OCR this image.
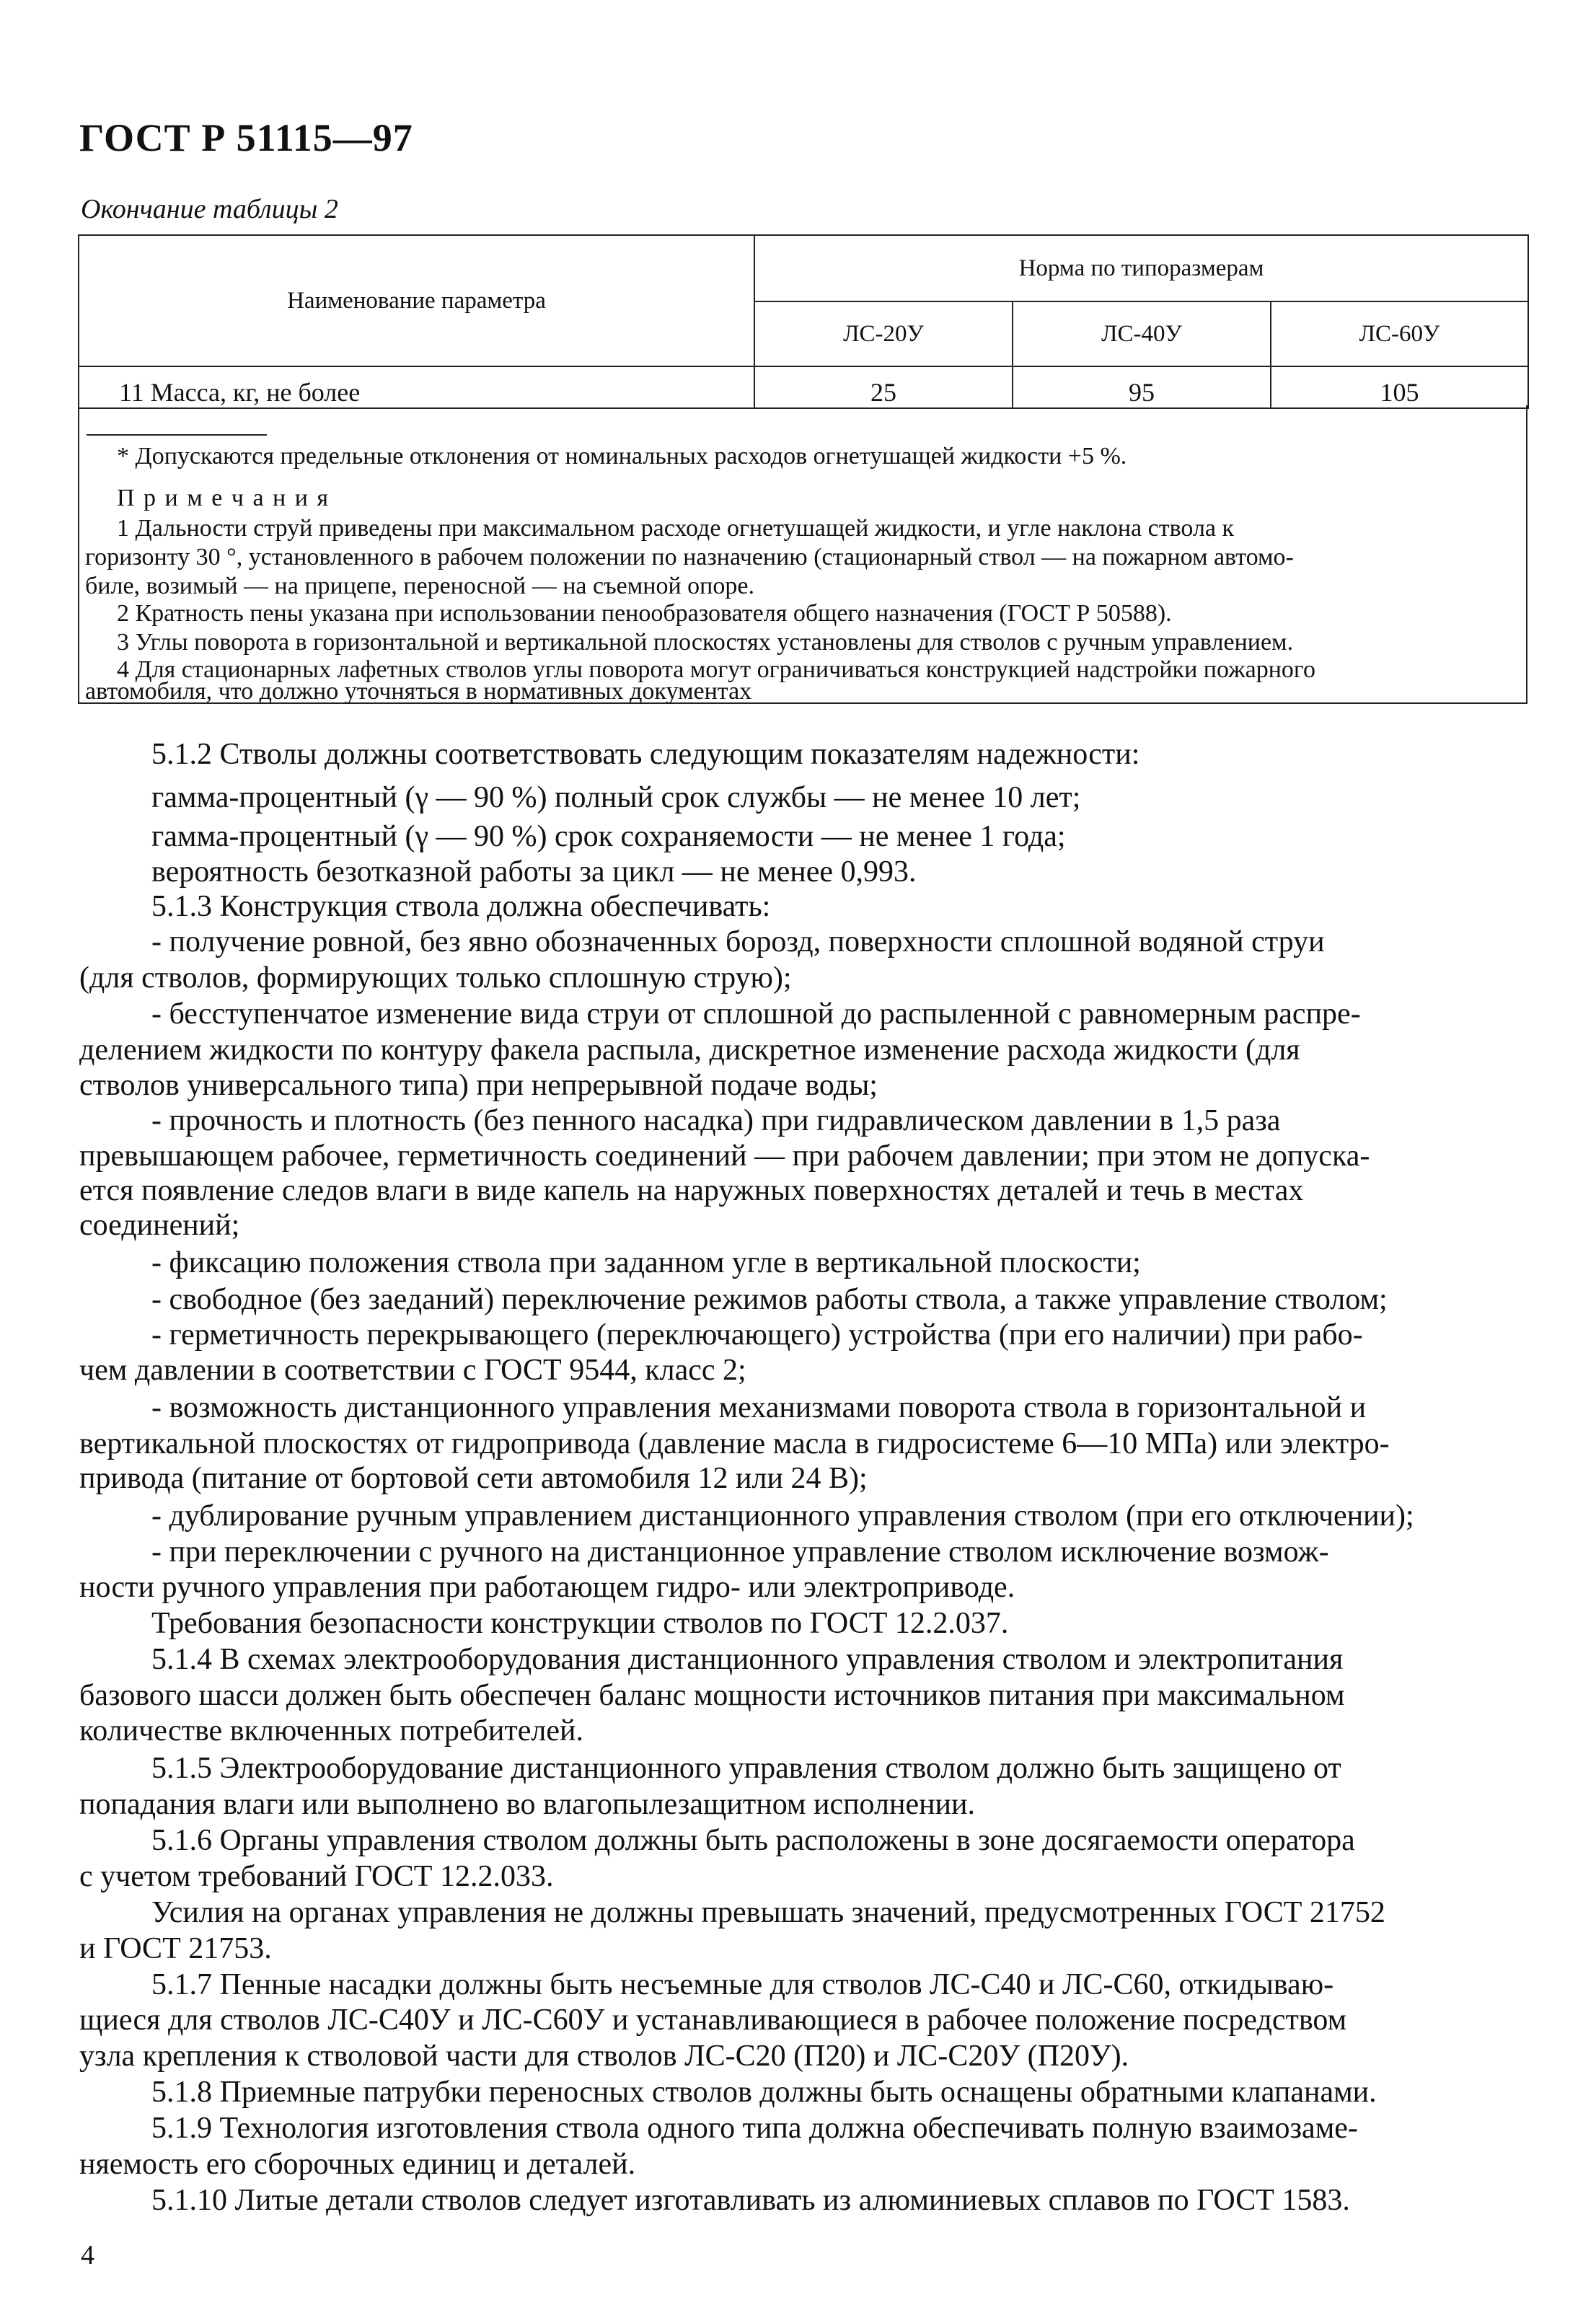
ГОСТ Р 51115—97
Окончание таблицы 2
Наименование параметра	Норма по типоразмерам		
	ЛС-20У	ЛС-40У	ЛС-60У
11 Масса, кг, не более	25	95	105
* Допускаются предельные отклонения от номинальных расходов огнетушащей жидкости +5 %.
П р и м е ч а н и я
1 Дальности струй приведены при максимальном расходе огнетушащей жидкости, и угле наклона ствола к
горизонту 30 °, установленного в рабочем положении по назначению (стационарный ствол — на пожарном автомо-
биле, возимый — на прицепе, переносной — на съемной опоре.
2 Кратность пены указана при использовании пенообразователя общего назначения (ГОСТ Р 50588).
3 Углы поворота в горизонтальной и вертикальной плоскостях установлены для стволов с ручным управлением.
4 Для стационарных лафетных стволов углы поворота могут ограничиваться конструкцией надстройки пожарного
автомобиля, что должно уточняться в нормативных документах
5.1.2 Стволы должны соответствовать следующим показателям надежности:
гамма-процентный (γ — 90 %) полный срок службы — не менее 10 лет;
гамма-процентный (γ — 90 %) срок сохраняемости — не менее 1 года;
вероятность безотказной работы за цикл — не менее 0,993.
5.1.3 Конструкция ствола должна обеспечивать:
- получение ровной, без явно обозначенных борозд, поверхности сплошной водяной струи
(для стволов, формирующих только сплошную струю);
- бесступенчатое изменение вида струи от сплошной до распыленной с равномерным распре-
делением жидкости по контуру факела распыла, дискретное изменение расхода жидкости (для
стволов универсального типа) при непрерывной подаче воды;
- прочность и плотность (без пенного насадка) при гидравлическом давлении в 1,5 раза
превышающем рабочее, герметичность соединений — при рабочем давлении; при этом не допуска-
ется появление следов влаги в виде капель на наружных поверхностях деталей и течь в местах
соединений;
- фиксацию положения ствола при заданном угле в вертикальной плоскости;
- свободное (без заеданий) переключение режимов работы ствола, а также управление стволом;
- герметичность перекрывающего (переключающего) устройства (при его наличии) при рабо-
чем давлении в соответствии с ГОСТ 9544, класс 2;
- возможность дистанционного управления механизмами поворота ствола в горизонтальной и
вертикальной плоскостях от гидропривода (давление масла в гидросистеме 6—10 МПа) или электро-
привода (питание от бортовой сети автомобиля 12 или 24 В);
- дублирование ручным управлением дистанционного управления стволом (при его отключении);
- при переключении с ручного на дистанционное управление стволом исключение возмож-
ности ручного управления при работающем гидро- или электроприводе.
Требования безопасности конструкции стволов по ГОСТ 12.2.037.
5.1.4 В схемах электрооборудования дистанционного управления стволом и электропитания
базового шасси должен быть обеспечен баланс мощности источников питания при максимальном
количестве включенных потребителей.
5.1.5 Электрооборудование дистанционного управления стволом должно быть защищено от
попадания влаги или выполнено во влагопылезащитном исполнении.
5.1.6 Органы управления стволом должны быть расположены в зоне досягаемости оператора
с учетом требований ГОСТ 12.2.033.
Усилия на органах управления не должны превышать значений, предусмотренных ГОСТ 21752
и ГОСТ 21753.
5.1.7 Пенные насадки должны быть несъемные для стволов ЛС-С40 и ЛС-С60, откидываю-
щиеся для стволов ЛС-С40У и ЛС-С60У и устанавливающиеся в рабочее положение посредством
узла крепления к стволовой части для стволов ЛС-С20 (П20) и ЛС-С20У (П20У).
5.1.8 Приемные патрубки переносных стволов должны быть оснащены обратными клапанами.
5.1.9 Технология изготовления ствола одного типа должна обеспечивать полную взаимозаме-
няемость его сборочных единиц и деталей.
5.1.10 Литые детали стволов следует изготавливать из алюминиевых сплавов по ГОСТ 1583.
4
